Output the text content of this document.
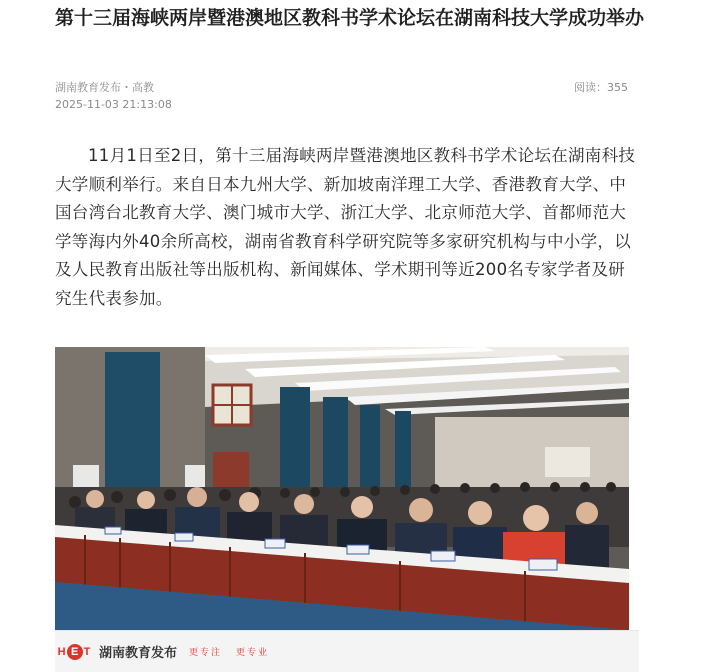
第十三届海峡两岸暨港澳地区教科书学术论坛在湖南科技大学成功举办
湖南教育发布・高教
2025-11-03 21:13:08
阅读：355
11月1日至2日，第十三届海峡两岸暨港澳地区教科书学术论坛在湖南科技大学顺利举行。来自日本九州大学、新加坡南洋理工大学、香港教育大学、中国台湾台北教育大学、澳门城市大学、浙江大学、北京师范大学、首都师范大学等海内外40余所高校，湖南省教育科学研究院等多家研究机构与中小学，以及人民教育出版社等出版机构、新闻媒体、学术期刊等近200名专家学者及研究生代表参加。
H E T 湖南教育发布 更专注 更专业
